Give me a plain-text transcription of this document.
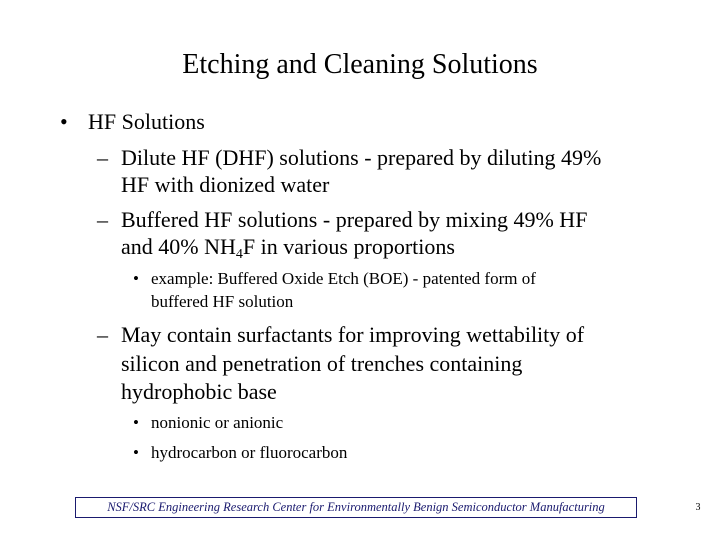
Etching and Cleaning Solutions
• HF Solutions
– Dilute HF (DHF) solutions - prepared by diluting 49%
HF with dionized water
– Buffered HF solutions - prepared by mixing 49% HF
and 40% $NH_4F$ in various proportions
• example: Buffered Oxide Etch (BOE) - patented form of
buffered HF solution
– May contain surfactants for improving wettability of
silicon and penetration of trenches containing
hydrophobic base
• nonionic or anionic
• hydrocarbon or fluorocarbon
NSF/SRC Engineering Research Center for Environmentally Benign Semiconductor Manufacturing	3
